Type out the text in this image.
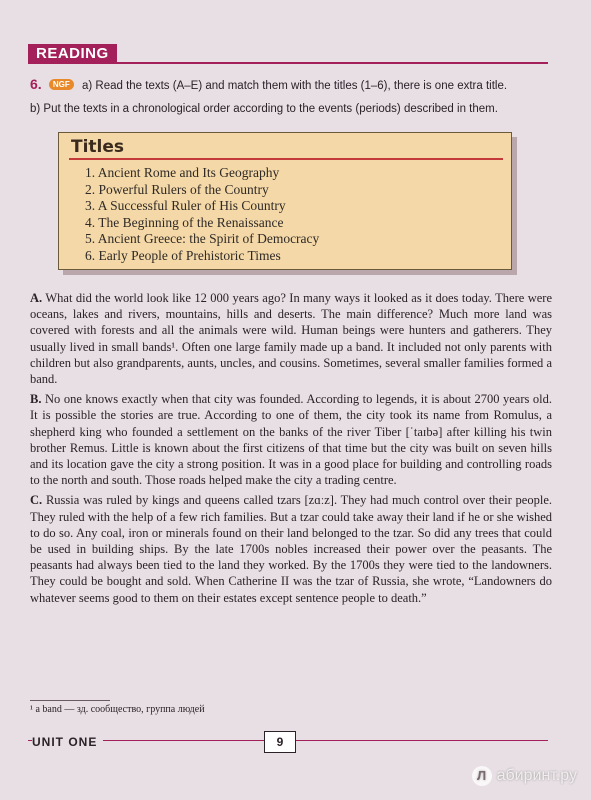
READING
6. NGF a) Read the texts (A–E) and match them with the titles (1–6), there is one extra title.
b) Put the texts in a chronological order according to the events (periods) described in them.
Titles
1. Ancient Rome and Its Geography
2. Powerful Rulers of the Country
3. A Successful Ruler of His Country
4. The Beginning of the Renaissance
5. Ancient Greece: the Spirit of Democracy
6. Early People of Prehistoric Times

A. What did the world look like 12 000 years ago? In many ways it looked as it does today. There were oceans, lakes and rivers, mountains, hills and deserts. The main difference? Much more land was covered with forests and all the animals were wild. Human beings were hunters and gatherers. They usually lived in small bands¹. Often one large family made up a band. It included not only parents with children but also grandparents, aunts, uncles, and cousins. Sometimes, several smaller families formed a band.

B. No one knows exactly when that city was founded. According to legends, it is about 2700 years old. It is possible the stories are true. According to one of them, the city took its name from Romulus, a shepherd king who founded a settlement on the banks of the river Tiber [ˈtaɪbə] after killing his twin brother Remus. Little is known about the first citizens of that time but the city was built on seven hills and its location gave the city a strong position. It was in a good place for building and controlling roads to the north and south. Those roads helped make the city a trading centre.

C. Russia was ruled by kings and queens called tzars [zɑːz]. They had much control over their people. They ruled with the help of a few rich families. But a tzar could take away their land if he or she wished to do so. Any coal, iron or minerals found on their land belonged to the tzar. So did any trees that could be used in building ships. By the late 1700s nobles increased their power over the peasants. The peasants had always been tied to the land they worked. By the 1700s they were tied to the landowners. They could be bought and sold. When Catherine II was the tzar of Russia, she wrote, “Landowners do whatever seems good to them on their estates except sentence people to death.”

¹ a band — зд. сообщество, группа людей
UNIT ONE	9
Л абиринт.ру
